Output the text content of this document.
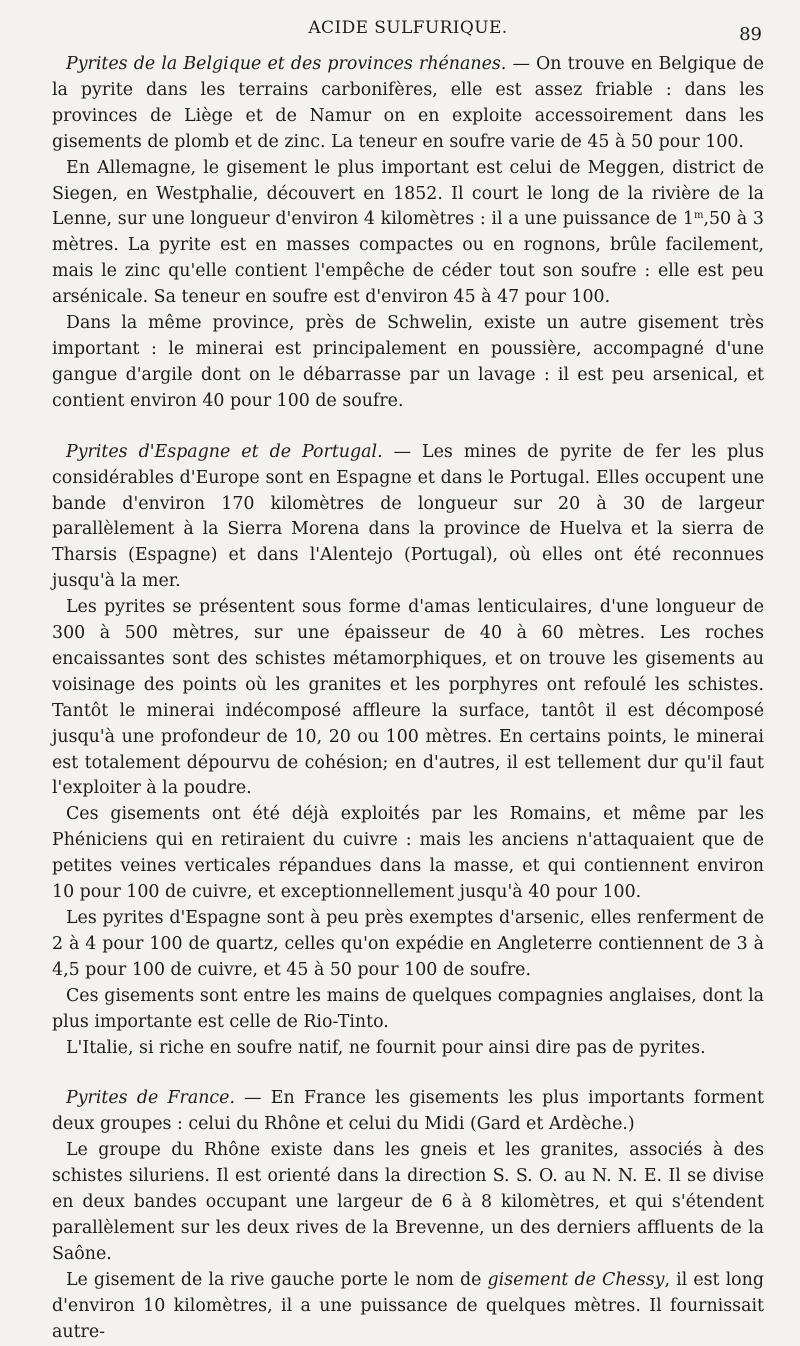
ACIDE SULFURIQUE.	89

Pyrites de la Belgique et des provinces rhénanes. — On trouve en Belgique de la pyrite dans les terrains carbonifères, elle est assez friable : dans les provinces de Liège et de Namur on en exploite accessoirement dans les gisements de plomb et de zinc. La teneur en soufre varie de 45 à 50 pour 100.

En Allemagne, le gisement le plus important est celui de Meggen, district de Siegen, en Westphalie, découvert en 1852. Il court le long de la rivière de la Lenne, sur une longueur d'environ 4 kilomètres : il a une puissance de 1$^m$,50 à 3 mètres. La pyrite est en masses compactes ou en rognons, brûle facilement, mais le zinc qu'elle contient l'empêche de céder tout son soufre : elle est peu arsénicale. Sa teneur en soufre est d'environ 45 à 47 pour 100.

Dans la même province, près de Schwelin, existe un autre gisement très important : le minerai est principalement en poussière, accompagné d'une gangue d'argile dont on le débarrasse par un lavage : il est peu arsenical, et contient environ 40 pour 100 de soufre.

Pyrites d'Espagne et de Portugal. — Les mines de pyrite de fer les plus considérables d'Europe sont en Espagne et dans le Portugal. Elles occupent une bande d'environ 170 kilomètres de longueur sur 20 à 30 de largeur parallèlement à la Sierra Morena dans la province de Huelva et la sierra de Tharsis (Espagne) et dans l'Alentejo (Portugal), où elles ont été reconnues jusqu'à la mer.

Les pyrites se présentent sous forme d'amas lenticulaires, d'une longueur de 300 à 500 mètres, sur une épaisseur de 40 à 60 mètres. Les roches encaissantes sont des schistes métamorphiques, et on trouve les gisements au voisinage des points où les granites et les porphyres ont refoulé les schistes. Tantôt le minerai indécomposé affleure la surface, tantôt il est décomposé jusqu'à une profondeur de 10, 20 ou 100 mètres. En certains points, le minerai est totalement dépourvu de cohésion; en d'autres, il est tellement dur qu'il faut l'exploiter à la poudre.

Ces gisements ont été déjà exploités par les Romains, et même par les Phéniciens qui en retiraient du cuivre : mais les anciens n'attaquaient que de petites veines verticales répandues dans la masse, et qui contiennent environ 10 pour 100 de cuivre, et exceptionnellement jusqu'à 40 pour 100.

Les pyrites d'Espagne sont à peu près exemptes d'arsenic, elles renferment de 2 à 4 pour 100 de quartz, celles qu'on expédie en Angleterre contiennent de 3 à 4,5 pour 100 de cuivre, et 45 à 50 pour 100 de soufre.

Ces gisements sont entre les mains de quelques compagnies anglaises, dont la plus importante est celle de Rio-Tinto.

L'Italie, si riche en soufre natif, ne fournit pour ainsi dire pas de pyrites.

Pyrites de France. — En France les gisements les plus importants forment deux groupes : celui du Rhône et celui du Midi (Gard et Ardèche.)

Le groupe du Rhône existe dans les gneis et les granites, associés à des schistes siluriens. Il est orienté dans la direction S. S. O. au N. N. E. Il se divise en deux bandes occupant une largeur de 6 à 8 kilomètres, et qui s'étendent parallèlement sur les deux rives de la Brevenne, un des derniers affluents de la Saône.

Le gisement de la rive gauche porte le nom de gisement de Chessy, il est long d'environ 10 kilomètres, il a une puissance de quelques mètres. Il fournissait autre-
